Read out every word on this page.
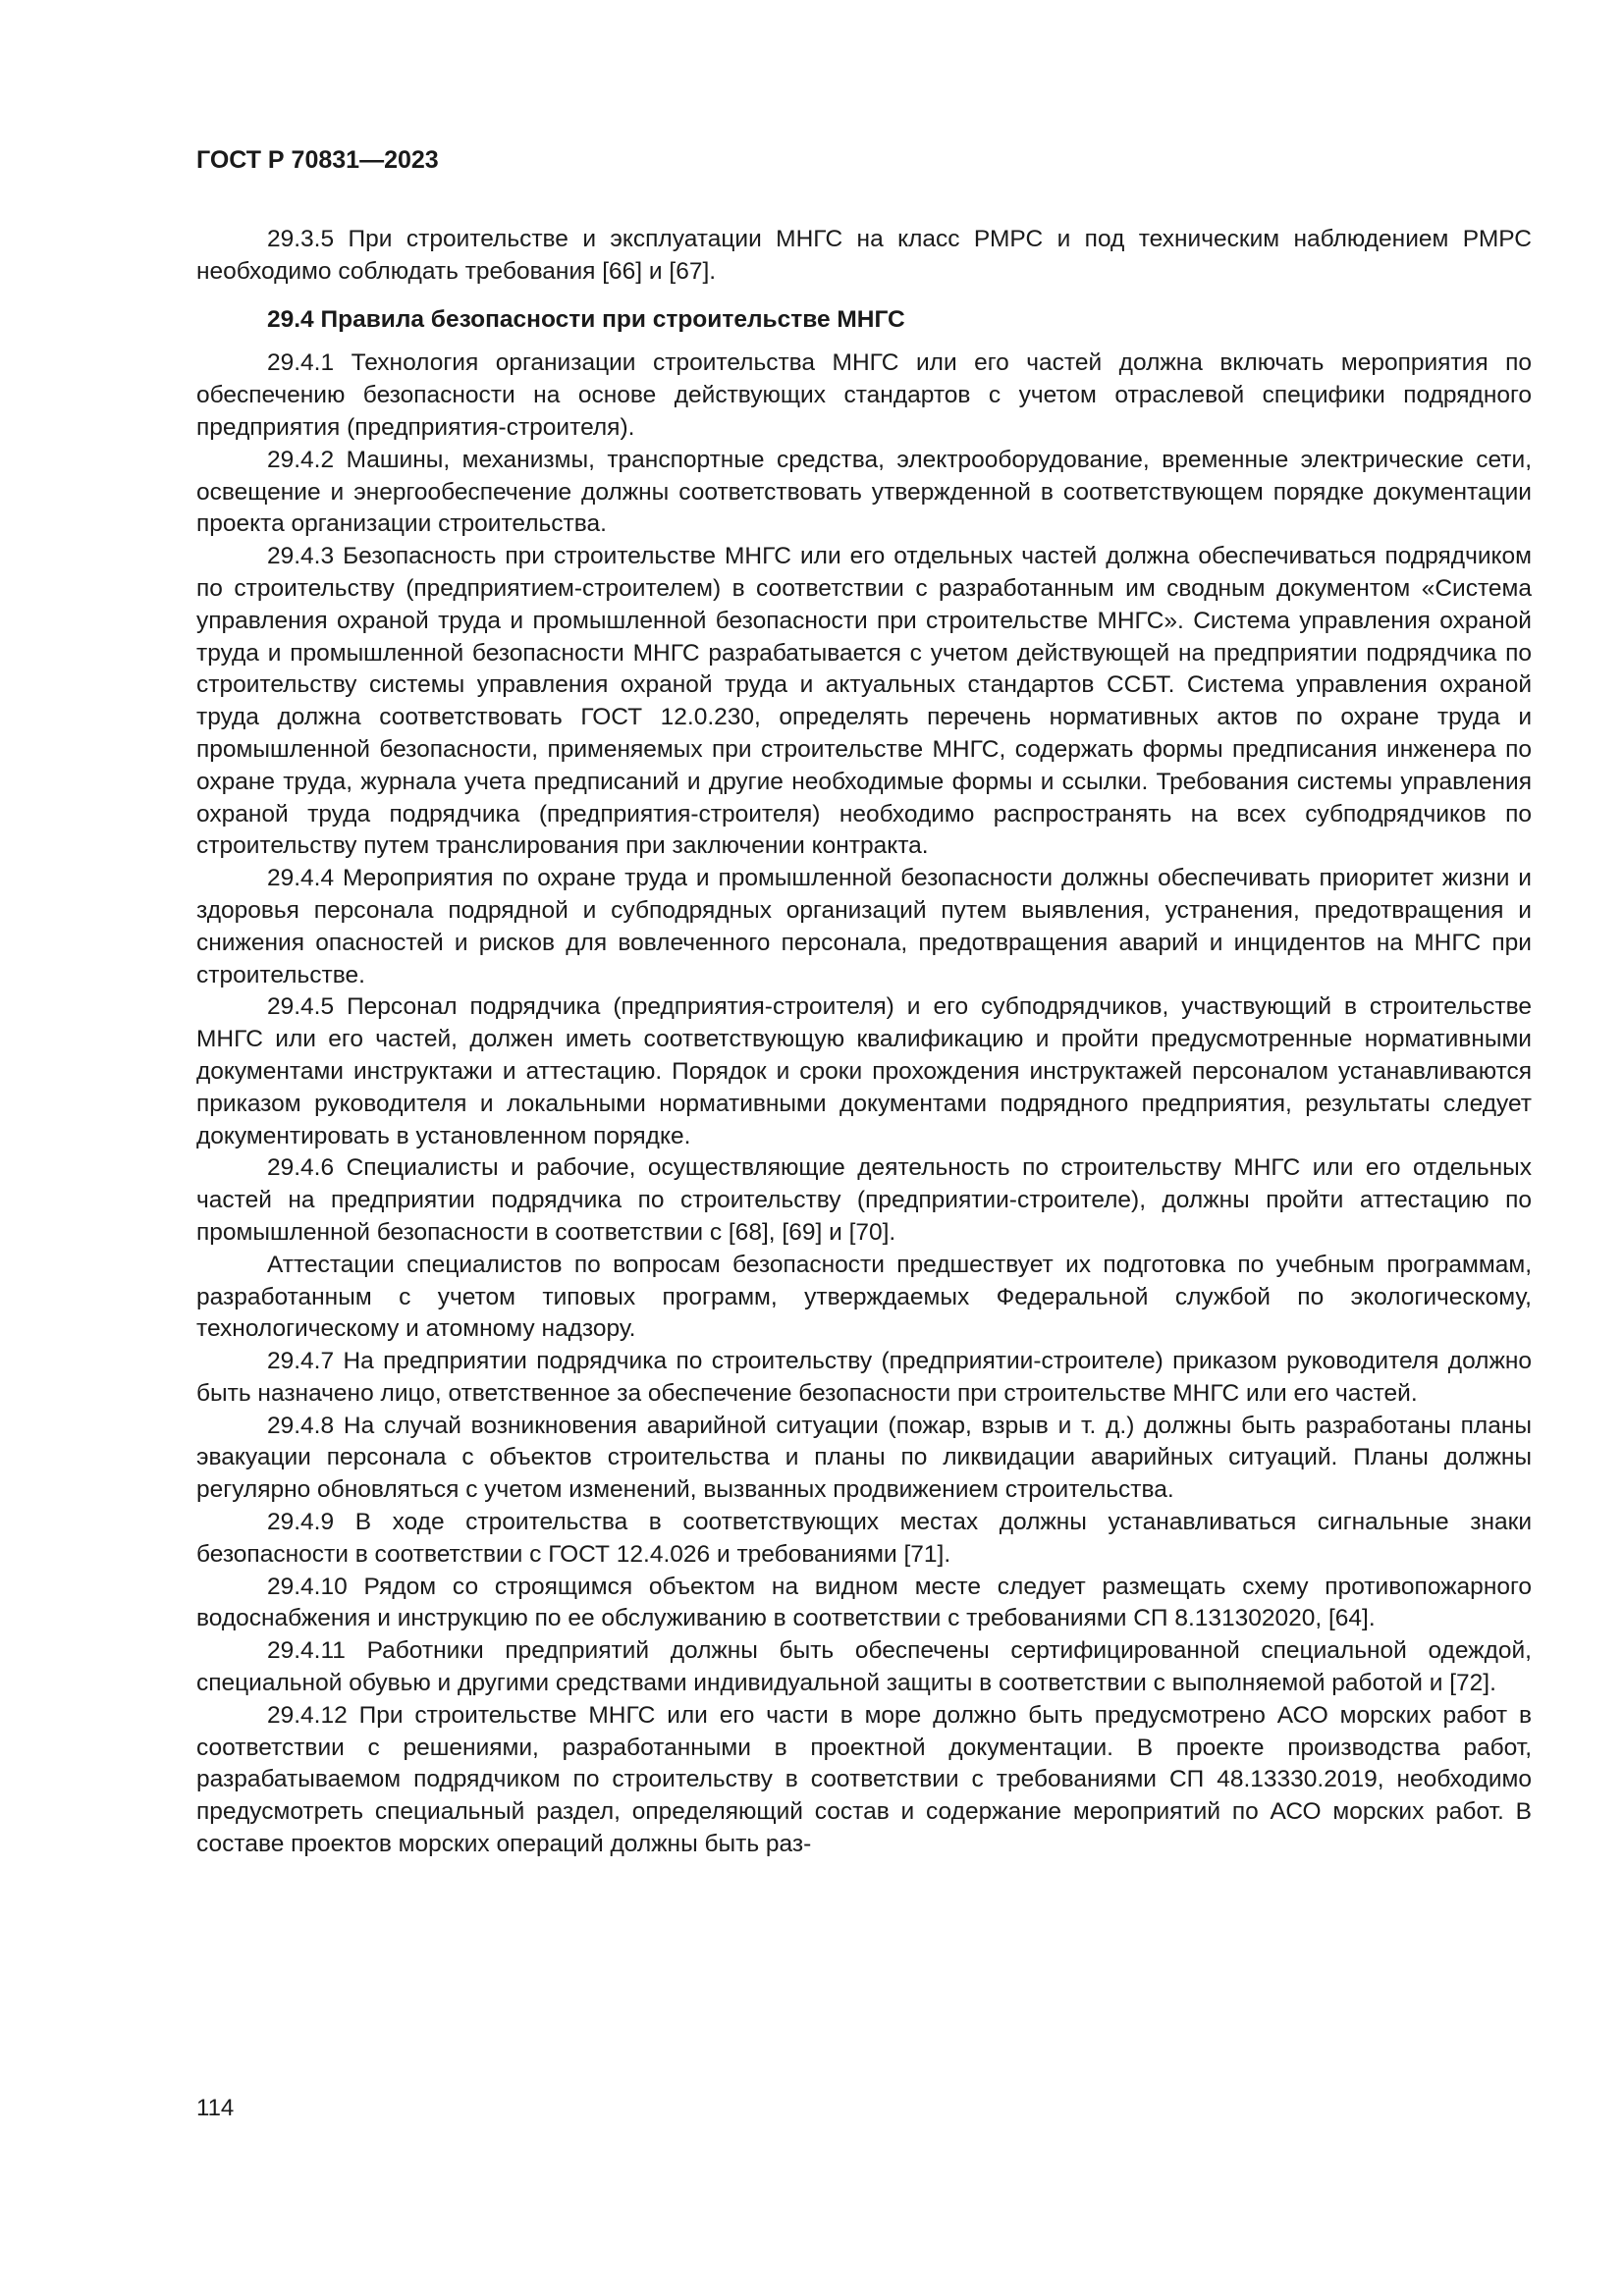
ГОСТ Р 70831—2023

29.3.5 При строительстве и эксплуатации МНГС на класс РМРС и под техническим наблюдением РМРС необходимо соблюдать требования [66] и [67].

29.4 Правила безопасности при строительстве МНГС

29.4.1 Технология организации строительства МНГС или его частей должна включать мероприятия по обеспечению безопасности на основе действующих стандартов с учетом отраслевой специфики подрядного предприятия (предприятия-строителя).

29.4.2 Машины, механизмы, транспортные средства, электрооборудование, временные электрические сети, освещение и энергообеспечение должны соответствовать утвержденной в соответствующем порядке документации проекта организации строительства.

29.4.3 Безопасность при строительстве МНГС или его отдельных частей должна обеспечиваться подрядчиком по строительству (предприятием-строителем) в соответствии с разработанным им сводным документом «Система управления охраной труда и промышленной безопасности при строительстве МНГС». Система управления охраной труда и промышленной безопасности МНГС разрабатывается с учетом действующей на предприятии подрядчика по строительству системы управления охраной труда и актуальных стандартов ССБТ. Система управления охраной труда должна соответствовать ГОСТ 12.0.230, определять перечень нормативных актов по охране труда и промышленной безопасности, применяемых при строительстве МНГС, содержать формы предписания инженера по охране труда, журнала учета предписаний и другие необходимые формы и ссылки. Требования системы управления охраной труда подрядчика (предприятия-строителя) необходимо распространять на всех субподрядчиков по строительству путем транслирования при заключении контракта.

29.4.4 Мероприятия по охране труда и промышленной безопасности должны обеспечивать приоритет жизни и здоровья персонала подрядной и субподрядных организаций путем выявления, устранения, предотвращения и снижения опасностей и рисков для вовлеченного персонала, предотвращения аварий и инцидентов на МНГС при строительстве.

29.4.5 Персонал подрядчика (предприятия-строителя) и его субподрядчиков, участвующий в строительстве МНГС или его частей, должен иметь соответствующую квалификацию и пройти предусмотренные нормативными документами инструктажи и аттестацию. Порядок и сроки прохождения инструктажей персоналом устанавливаются приказом руководителя и локальными нормативными документами подрядного предприятия, результаты следует документировать в установленном порядке.

29.4.6 Специалисты и рабочие, осуществляющие деятельность по строительству МНГС или его отдельных частей на предприятии подрядчика по строительству (предприятии-строителе), должны пройти аттестацию по промышленной безопасности в соответствии с [68], [69] и [70].

Аттестации специалистов по вопросам безопасности предшествует их подготовка по учебным программам, разработанным с учетом типовых программ, утверждаемых Федеральной службой по экологическому, технологическому и атомному надзору.

29.4.7 На предприятии подрядчика по строительству (предприятии-строителе) приказом руководителя должно быть назначено лицо, ответственное за обеспечение безопасности при строительстве МНГС или его частей.

29.4.8 На случай возникновения аварийной ситуации (пожар, взрыв и т. д.) должны быть разработаны планы эвакуации персонала с объектов строительства и планы по ликвидации аварийных ситуаций. Планы должны регулярно обновляться с учетом изменений, вызванных продвижением строительства.

29.4.9 В ходе строительства в соответствующих местах должны устанавливаться сигнальные знаки безопасности в соответствии с ГОСТ 12.4.026 и требованиями [71].

29.4.10 Рядом со строящимся объектом на видном месте следует размещать схему противопожарного водоснабжения и инструкцию по ее обслуживанию в соответствии с требованиями СП 8.131302020, [64].

29.4.11 Работники предприятий должны быть обеспечены сертифицированной специальной одеждой, специальной обувью и другими средствами индивидуальной защиты в соответствии с выполняемой работой и [72].

29.4.12 При строительстве МНГС или его части в море должно быть предусмотрено АСО морских работ в соответствии с решениями, разработанными в проектной документации. В проекте производства работ, разрабатываемом подрядчиком по строительству в соответствии с требованиями СП 48.13330.2019, необходимо предусмотреть специальный раздел, определяющий состав и содержание мероприятий по АСО морских работ. В составе проектов морских операций должны быть раз-

114
